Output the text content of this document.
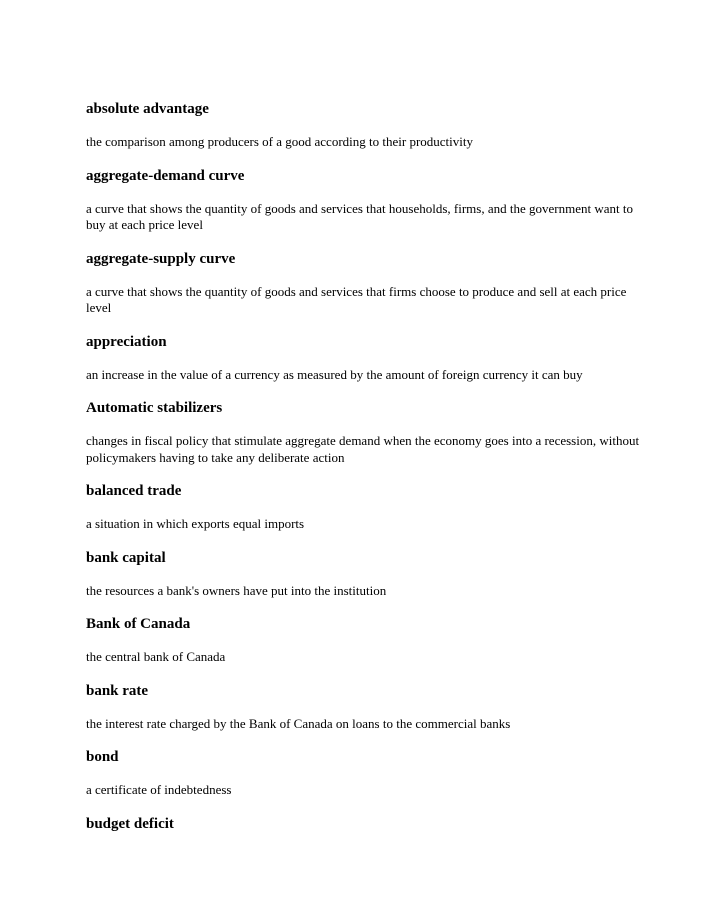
absolute advantage
the comparison among producers of a good according to their productivity
aggregate-demand curve
a curve that shows the quantity of goods and services that households, firms, and the government want to buy at each price level
aggregate-supply curve
a curve that shows the quantity of goods and services that firms choose to produce and sell at each price level
appreciation
an increase in the value of a currency as measured by the amount of foreign currency it can buy
Automatic stabilizers
changes in fiscal policy that stimulate aggregate demand when the economy goes into a recession, without policymakers having to take any deliberate action
balanced trade
a situation in which exports equal imports
bank capital
the resources a bank's owners have put into the institution
Bank of Canada
the central bank of Canada
bank rate
the interest rate charged by the Bank of Canada on loans to the commercial banks
bond
a certificate of indebtedness
budget deficit
